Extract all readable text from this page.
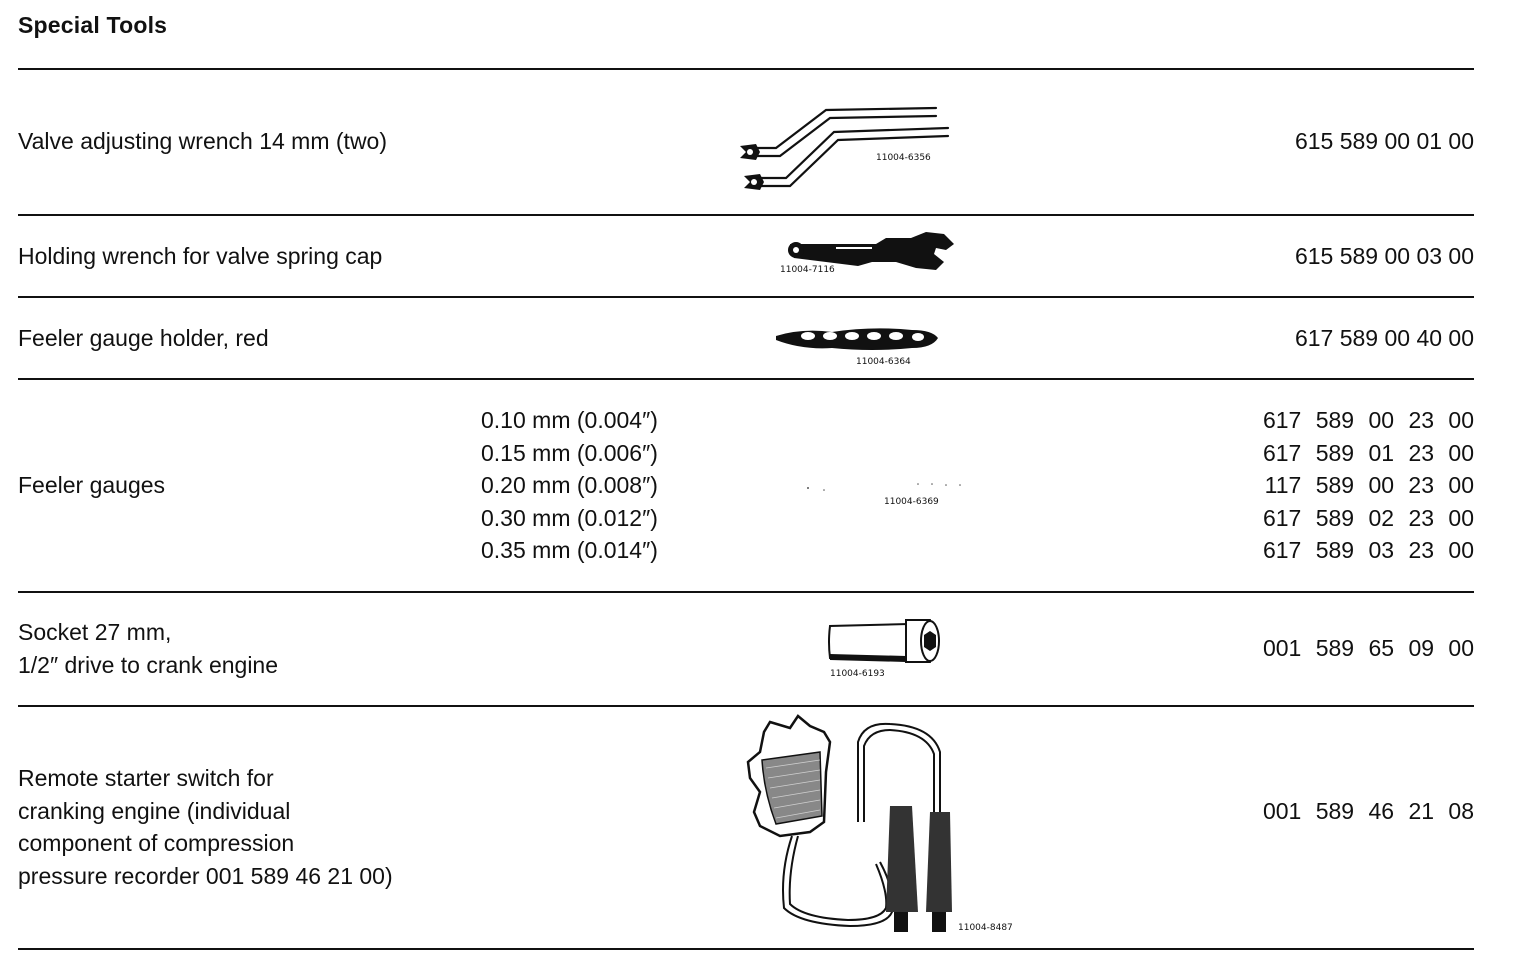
Special Tools
Valve adjusting wrench 14 mm (two)
11004-6356
615 589 00 01 00
Holding wrench for valve spring cap
11004-7116
615 589 00 03 00
Feeler gauge holder, red
11004-6364
617 589 00 40 00
Feeler gauges
0.10 mm (0.004″)
0.15 mm (0.006″)
0.20 mm (0.008″)
0.30 mm (0.012″)
0.35 mm (0.014″)
11004-6369
617 589 00 23 00
617 589 01 23 00
117 589 00 23 00
617 589 02 23 00
617 589 03 23 00
Socket 27 mm,
1/2″ drive to crank engine	11004-6193
001 589 65 09 00
Remote starter switch for
cranking engine (individual
component of compression
pressure recorder 001 589 46 21 00)
11004-8487
001 589 46 21 08
